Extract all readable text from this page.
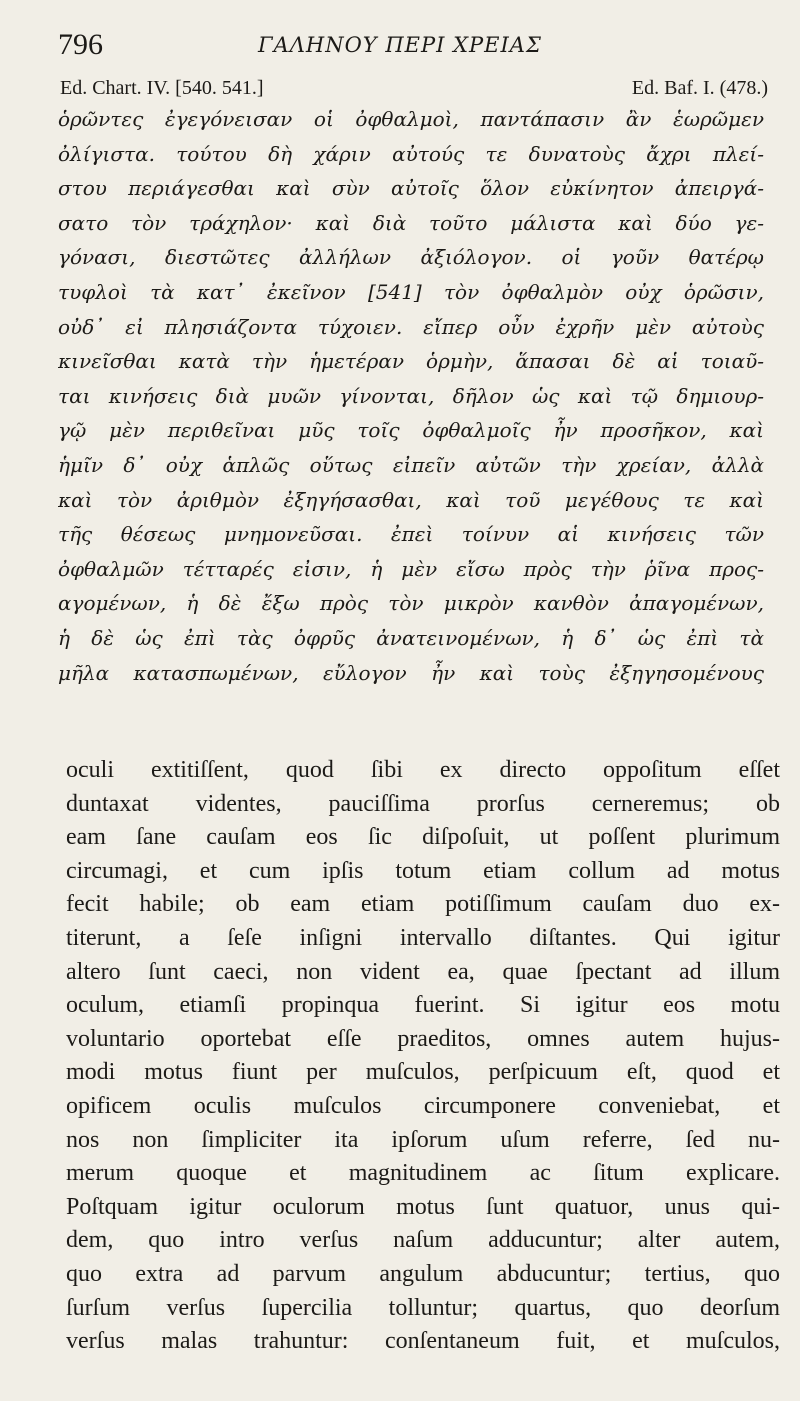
796	ΓΑΛΗΝΟΥ ΠΕΡΙ ΧΡΕΙΑΣ
Ed. Chart. IV. [540. 541.]	Ed. Baf. I. (478.)
ὁρῶντες ἐγεγόνεισαν οἱ ὀφθαλμοὶ, παντάπασιν ἂν ἑωρῶμεν
ὀλίγιστα. τούτου δὴ χάριν αὐτούς τε δυνατοὺς ἄχρι πλεί-
στου περιάγεσθαι καὶ σὺν αὐτοῖς ὅλον εὐκίνητον ἀπειργά-
σατο τὸν τράχηλον· καὶ διὰ τοῦτο μάλιστα καὶ δύο γε-
γόνασι, διεστῶτες ἀλλήλων ἀξιόλογον. οἱ γοῦν θατέρῳ
τυφλοὶ τὰ κατ᾽ ἐκεῖνον [541] τὸν ὀφθαλμὸν οὐχ ὁρῶσιν,
οὐδ᾽ εἰ πλησιάζοντα τύχοιεν. εἴπερ οὖν ἐχρῆν μὲν αὐτοὺς
κινεῖσθαι κατὰ τὴν ἡμετέραν ὁρμὴν, ἅπασαι δὲ αἱ τοιαῦ-
ται κινήσεις διὰ μυῶν γίνονται, δῆλον ὡς καὶ τῷ δημιουρ-
γῷ μὲν περιθεῖναι μῦς τοῖς ὀφθαλμοῖς ἦν προσῆκον, καὶ
ἡμῖν δ᾽ οὐχ ἁπλῶς οὕτως εἰπεῖν αὐτῶν τὴν χρείαν, ἀλλὰ
καὶ τὸν ἀριθμὸν ἐξηγήσασθαι, καὶ τοῦ μεγέθους τε καὶ
τῆς θέσεως μνημονεῦσαι. ἐπεὶ τοίνυν αἱ κινήσεις τῶν
ὀφθαλμῶν τέτταρές εἰσιν, ἡ μὲν εἴσω πρὸς τὴν ῥῖνα προς-
αγομένων, ἡ δὲ ἔξω πρὸς τὸν μικρὸν κανθὸν ἀπαγομένων,
ἡ δὲ ὡς ἐπὶ τὰς ὀφρῦς ἀνατεινομένων, ἡ δ᾽ ὡς ἐπὶ τὰ
μῆλα κατασπωμένων, εὔλογον ἦν καὶ τοὺς ἐξηγησομένους
oculi extitiſſent, quod ſibi ex directo oppoſitum eſſet
duntaxat videntes, pauciſſima prorſus cerneremus; ob
eam ſane cauſam eos ſic diſpoſuit, ut poſſent plurimum
circumagi, et cum ipſis totum etiam collum ad motus
fecit habile; ob eam etiam potiſſimum cauſam duo ex-
titerunt, a ſeſe inſigni intervallo diſtantes. Qui igitur
altero ſunt caeci, non vident ea, quae ſpectant ad illum
oculum, etiamſi propinqua fuerint. Si igitur eos motu
voluntario oportebat eſſe praeditos, omnes autem hujus-
modi motus fiunt per muſculos, perſpicuum eſt, quod et
opificem oculis muſculos circumponere conveniebat, et
nos non ſimpliciter ita ipſorum uſum referre, ſed nu-
merum quoque et magnitudinem ac ſitum explicare.
Poſtquam igitur oculorum motus ſunt quatuor, unus qui-
dem, quo intro verſus naſum adducuntur; alter autem,
quo extra ad parvum angulum abducuntur; tertius, quo
ſurſum verſus ſupercilia tolluntur; quartus, quo deorſum
verſus malas trahuntur: conſentaneum fuit, et muſculos,
